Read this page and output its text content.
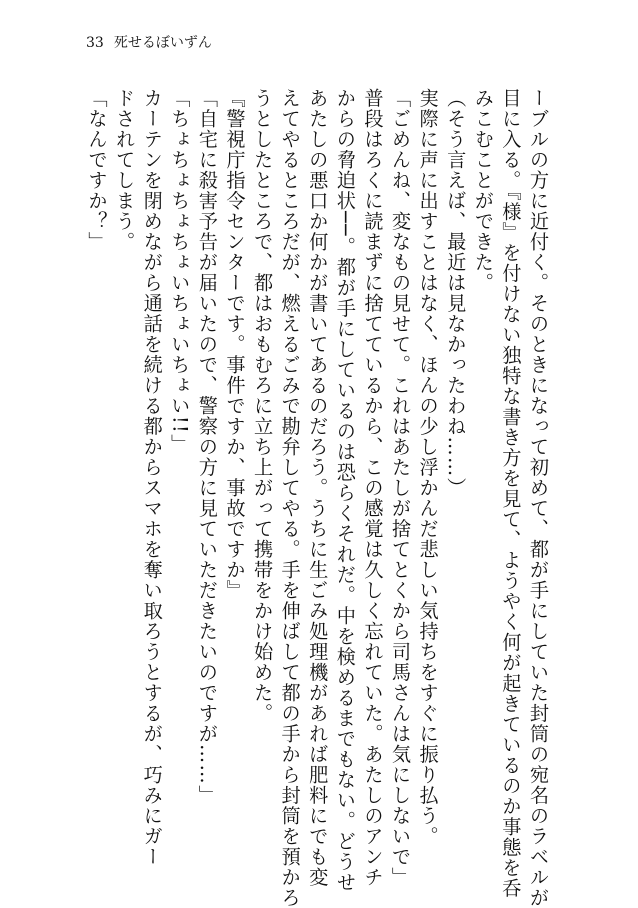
33 死せるぼいずん
ーブルの方に近付く。そのときになって初めて、都が手にしていた封筒の宛名のラベルが
目に入る。『様』を付けない独特な書き方を見て、ようやく何が起きているのか事態を呑
みこむことができた。
（そう言えば、最近は見なかったわね……）
実際に声に出すことはなく、ほんの少し浮かんだ悲しい気持ちをすぐに振り払う。
「ごめんね、変なもの見せて。これはあたしが捨てとくから司馬さんは気にしないで」
普段はろくに読まずに捨てているから、この感覚は久しく忘れていた。あたしのアンチ
からの脅迫状──。都が手にしているのは恐らくそれだ。中を検めるまでもない。どうせ
あたしの悪口か何かが書いてあるのだろう。うちに生ごみ処理機があれば肥料にでも変
えてやるところだが、燃えるごみで勘弁してやる。手を伸ばして都の手から封筒を預かろ
うとしたところで、都はおもむろに立ち上がって携帯をかけ始めた。
『警視庁指令センターです。事件ですか、事故ですか』
「自宅に殺害予告が届いたので、警察の方に見ていただきたいのですが……」
「ちょちょちょちょいちょいちょい!!」
カーテンを閉めながら通話を続ける都からスマホを奪い取ろうとするが、巧みにガー
ドされてしまう。
「なんですか？」
